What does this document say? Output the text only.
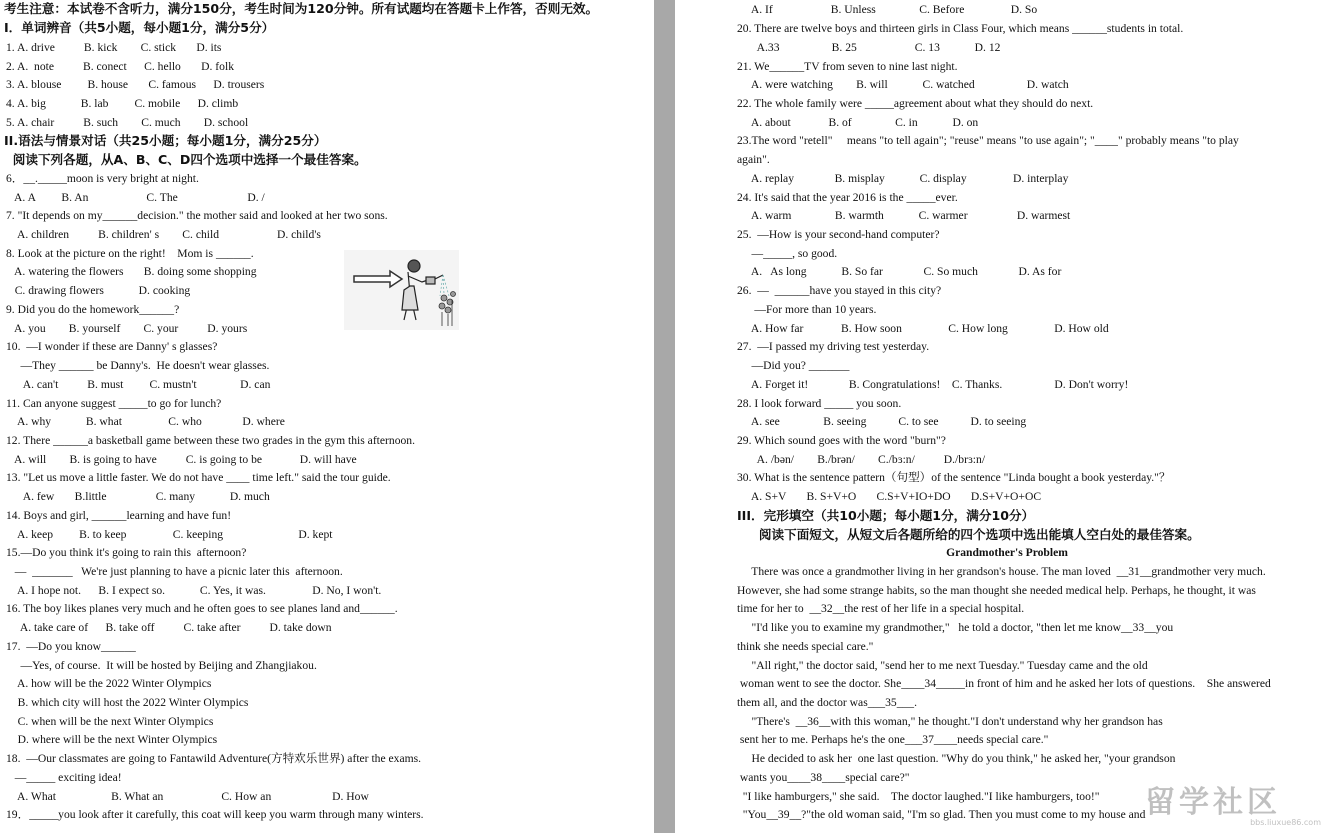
考生注意：本试卷不含听力，满分150分，考生时间为120分钟。所有试题均在答题卡上作答，否则无效。
I．单词辨音（共5小题，每小题1分，满分5分）
1. A. drive          B. kick        C. stick       D. its
2. A.  note          B. conect      C. hello       D. folk
3. A. blouse         B. house       C. famous      D. trousers
4. A. big            B. lab         C. mobile      D. climb
5. A. chair          B. such        C. much        D. school
II.语法与情景对话（共25小题；每小题1分，满分25分）
阅读下列各题，从A、B、C、D四个选项中选择一个最佳答案。
6．__._____moon is very bright at night.
A. A         B. An                    C. The                        D. /
7. "It depends on my______decision." the mother said and looked at her two sons.
A. children          B. children' s        C. child                    D. child's
8. Look at the picture on the right!    Mom is ______.
A. watering the flowers       B. doing some shopping
C. drawing flowers            D. cooking
9. Did you do the homework______?
A. you        B. yourself        C. your          D. yours
10.  —I wonder if these are Danny' s glasses?
—They ______ be Danny's.  He doesn't wear glasses.
A. can't          B. must         C. mustn't               D. can
11. Can anyone suggest _____to go for lunch?
A. why            B. what                C. who              D. where
12. There ______a basketball game between these two grades in the gym this afternoon.
A. will        B. is going to have          C. is going to be             D. will have
13. "Let us move a little faster. We do not have ____ time left." said the tour guide.
A. few       B.little                 C. many            D. much
14. Boys and girl, ______learning and have fun!
A. keep         B. to keep                C. keeping                          D. kept
15.—Do you think it's going to rain this  afternoon?
—  _______   We're just planning to have a picnic later this  afternoon.
A. I hope not.      B. I expect so.            C. Yes, it was.                D. No, I won't.
16. The boy likes planes very much and he often goes to see planes land and______.
A. take care of      B. take off          C. take after          D. take down
17.  —Do you know______
—Yes, of course.  It will be hosted by Beijing and Zhangjiakou.
A. how will be the 2022 Winter Olympics
B. which city will host the 2022 Winter Olympics
C. when will be the next Winter Olympics
D. where will be the next Winter Olympics
18.  —Our classmates are going to Fantawild Adventure(方特欢乐世界) after the exams.
—_____ exciting idea!
A. What                   B. What an                    C. How an                     D. How
19．_____you look after it carefully, this coat will keep you warm through many winters.
A. If                    B. Unless               C. Before                D. So
20. There are twelve boys and thirteen girls in Class Four, which means ______students in total.
A.33                  B. 25                    C. 13            D. 12
21. We______TV from seven to nine last night.
A. were watching        B. will            C. watched                  D. watch
22. The whole family were _____agreement about what they should do next.
A. about             B. of               C. in            D. on
23.The word "retell"     means "to tell again"; "reuse" means "to use again"; "____" probably means "to play
again".
A. replay              B. misplay            C. display                D. interplay
24. It's said that the year 2016 is the _____ever.
A. warm               B. warmth            C. warmer                 D. warmest
25.  —How is your second-hand computer?
—_____, so good.
A.   As long            B. So far              C. So much              D. As for
26.  —  ______have you stayed in this city?
—For more than 10 years.
A. How far             B. How soon                C. How long                D. How old
27.  —I passed my driving test yesterday.
—Did you? _______
A. Forget it!              B. Congratulations!    C. Thanks.                  D. Don't worry!
28. I look forward _____ you soon.
A. see               B. seeing           C. to see           D. to seeing
29. Which sound goes with the word "burn"?
A. /bən/        B./brən/        C./bɜ:n/          D./brɜ:n/
30. What is the sentence pattern（句型）of the sentence "Linda bought a book yesterday."？
A. S+V       B. S+V+O       C.S+V+IO+DO       D.S+V+O+OC
III．完形填空（共10小题；每小题1分，满分10分）
阅读下面短文，从短文后各题所给的四个选项中选出能填人空白处的最佳答案。
Grandmother's Problem
There was once a grandmother living in her grandson's house. The man loved  __31__grandmother very much.
However, she had some strange habits, so the man thought she needed medical help. Perhaps, he thought, it was
time for her to  __32__the rest of her life in a special hospital.
"I'd like you to examine my grandmother,"   he told a doctor, "then let me know__33__you
think she needs special care."
"All right," the doctor said, "send her to me next Tuesday." Tuesday came and the old
woman went to see the doctor. She____34_____in front of him and he asked her lots of questions.    She answered
them all, and the doctor was___35___.
"There's  __36__with this woman," he thought."I don't understand why her grandson has
sent her to me. Perhaps he's the one___37____needs special care."
He decided to ask her  one last question. "Why do you think," he asked her, "your grandson
wants you____38____special care?"
"I like hamburgers," she said.    The doctor laughed."I like hamburgers, too!"
"You__39__?"the old woman said, "I'm so glad. Then you must come to my house and 留学社区
bbs.liuxue86.com
